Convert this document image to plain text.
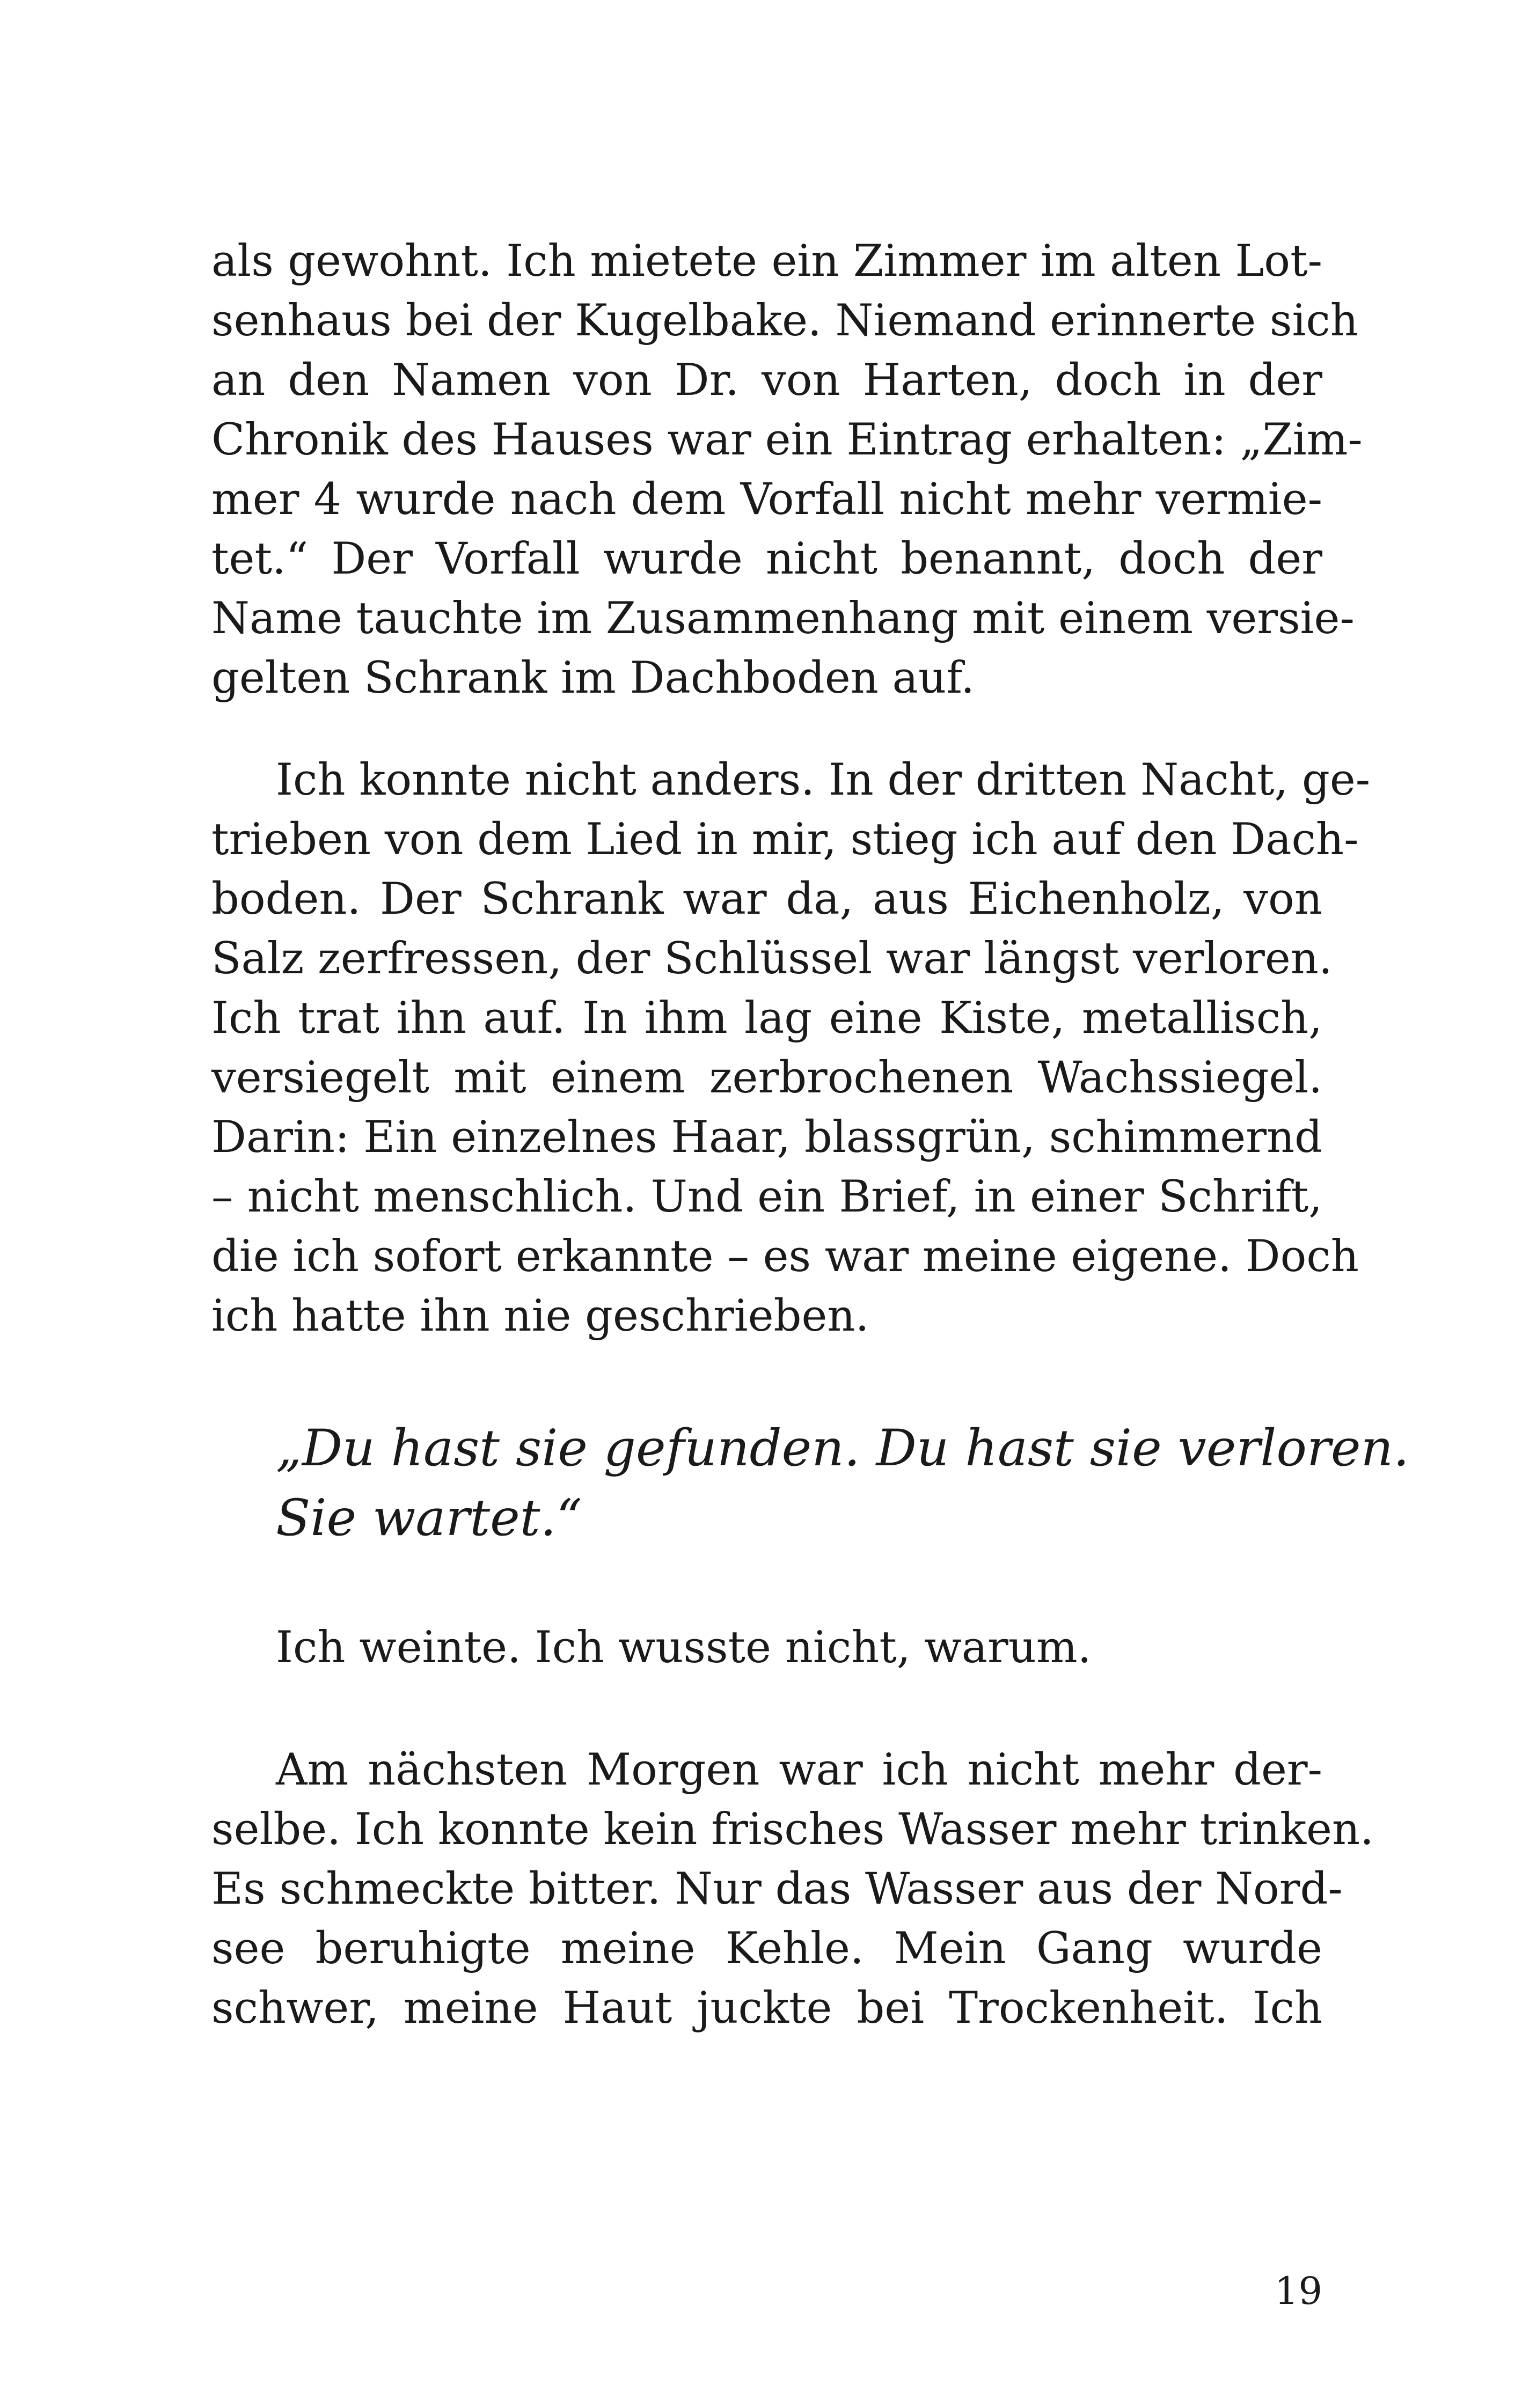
als gewohnt. Ich mietete ein Zimmer im alten Lot-
senhaus bei der Kugelbake. Niemand erinnerte sich
an den Namen von Dr. von Harten, doch in der
Chronik des Hauses war ein Eintrag erhalten: „Zim-
mer 4 wurde nach dem Vorfall nicht mehr vermie-
tet.“ Der Vorfall wurde nicht benannt, doch der
Name tauchte im Zusammenhang mit einem versie-
gelten Schrank im Dachboden auf.
Ich konnte nicht anders. In der dritten Nacht, ge-
trieben von dem Lied in mir, stieg ich auf den Dach-
boden. Der Schrank war da, aus Eichenholz, von
Salz zerfressen, der Schlüssel war längst verloren.
Ich trat ihn auf. In ihm lag eine Kiste, metallisch,
versiegelt mit einem zerbrochenen Wachssiegel.
Darin: Ein einzelnes Haar, blassgrün, schimmernd
– nicht menschlich. Und ein Brief, in einer Schrift,
die ich sofort erkannte – es war meine eigene. Doch
ich hatte ihn nie geschrieben.
„Du hast sie gefunden. Du hast sie verloren.
Sie wartet.“
Ich weinte. Ich wusste nicht, warum.
Am nächsten Morgen war ich nicht mehr der-
selbe. Ich konnte kein frisches Wasser mehr trinken.
Es schmeckte bitter. Nur das Wasser aus der Nord-
see beruhigte meine Kehle. Mein Gang wurde
schwer, meine Haut juckte bei Trockenheit. Ich
19
